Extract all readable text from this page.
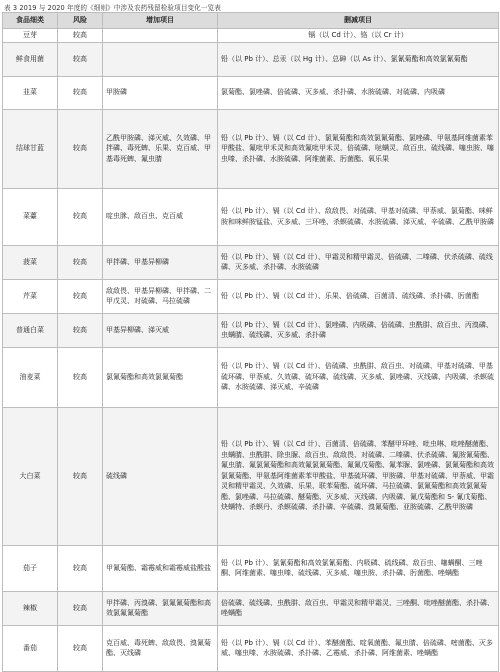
表 3 2019 与 2020 年度的《细则》中涉及农药残留检验项目变化一览表
食品细类	风险	增加项目	删减项目
豆芽	较高		镉（以 Cd 计）、铬（以 Cr 计）
鲜食用菌	较高		铅（以 Pb 计）、总汞（以 Hg 计）、总砷（以 As 计）、氯氰菊酯和高效氯氰菊酯
韭菜	较高	甲胺磷	氯菊酯、氯唑磷、倍硫磷、灭多威、杀扑磷、水胺硫磷、对硫磷、内吸磷
结球甘蓝	较高	乙酰甲胺磷、涕灭威、久效磷、甲拌磷、毒死蜱、乐果、克百威、甲基毒死蜱、氟虫腈	铅（以 Pb 计）、镉（以 Cd 计）、氯氰菊酯和高效氯氰菊酯、氯唑磷、甲氨基阿维菌素苯甲酸盐、氟吡甲禾灵和高效氟吡甲禾灵、倍硫磷、哒螨灵、敌百虫、硫线磷、噻虫胺、噻虫嗪、杀扑磷、水胺硫磷、阿维菌素、肟菌酯、氧乐果
菜薹	较高	啶虫脒、敌百虫、克百威	铅（以 Pb 计）、镉（以 Cd 计）、敌敌畏、对硫磷、甲基对硫磷、甲萘威、氯菊酯、咪鲜胺和咪鲜胺锰盐、灭多威、三环唑、杀螟硫磷、水胺硫磷、涕灭威、辛硫磷、乙酰甲胺磷
菠菜	较高	甲拌磷、甲基异柳磷	铅（以 Pb 计）、镉（以 Cd 计）、甲霜灵和精甲霜灵、倍硫磷、二嗪磷、伏杀硫磷、硫线磷、灭多威、杀扑磷、水胺硫磷
芹菜	较高	敌敌畏、甲基异柳磷、甲拌磷、二甲戊灵、对硫磷、马拉硫磷	铅（以 Pb 计）、镉（以 Cd 计）、乐果、倍硫磷、百菌清、硫线磷、杀扑磷、肟菌酯
普通白菜	较高	甲基异柳磷、涕灭威	铅（以 Pb 计）、镉（以 Cd 计）、氯唑磷、内吸磷、倍硫磷、虫酰肼、敌百虫、丙溴磷、虫螨腈、硫线磷、灭多威、杀扑磷
油麦菜	较高	氯氰菊酯和高效氯氰菊酯	铅（以 Pb 计）、镉（以 Cd 计）、倍硫磷、虫酰肼、敌百虫、对硫磷、甲基对硫磷、甲基硫环磷、甲萘威、久效磷、硫环磷、硫线磷、灭多威、氯唑磷、灭线磷、内吸磷、杀螟硫磷、水胺硫磷、涕灭威、辛硫磷
大白菜	较高	硫线磷	铅（以 Pb 计）、镉（以 Cd 计）、百菌清、倍硫磷、苯醚甲环唑、吡虫啉、吡唑醚菌酯、虫螨腈、虫酰肼、除虫脲、敌百虫、敌敌畏、对硫磷、二嗪磷、伏杀硫磷、氟胺氰菊酯、氟虫腈、氟氯氰菊酯和高效氟氯氰菊酯、氟氰戊菊酯、氟苯脲、氯唑磷、氯氰菊酯和高效氯氰菊酯、甲氨基阿维菌素苯甲酸盐、甲基硫环磷、甲胺磷、甲基对硫磷、甲萘威、甲霜灵和精甲霜灵、久效磷、乐果、联苯菊酯、硫环磷、马拉硫磷、氯氰菊酯和高效氯氰菊酯、氯唑磷、马拉硫磷、醚菊酯、灭多威、灭线磷、内吸磷、氰戊菊酯和 S- 氰戊菊酯、炔螨特、杀螟丹、杀螟硫磷、杀扑磷、辛硫磷、溴氰菊酯、亚胺硫磷、乙酰甲胺磷
茄子	较高	甲氰菊酯、霜霉威和霜霉威盐酸盐	铅（以 Pb 计）、氯氰菊酯和高效氯氰菊酯、内吸磷、硫线磷、敌百虫、噻螨酮、三唑酮、阿维菌素、噻虫嗪、硫线磷、灭多威、噻虫胺、杀扑磷、肟菌酯、唑螨酯
辣椒	较高	甲拌磷、丙溴磷、氯氟氰菊酯和高效氯氟氰菊酯	倍硫磷、硫线磷、虫酰肼、敌百虫、甲霜灵和精甲霜灵、三唑酮、吡唑醚菌酯、杀扑磷、唑螨酯
番茄	较高	克百威、毒死蜱、敌敌畏、溴氰菊酯、灭线磷	铅（以 Pb 计）、镉（以 Cd 计）、苯醚菌酯、啶氧菌酯、氟虫腈、倍硫磷、嘧菌酯、灭多威、噻虫嗪、水胺硫磷、杀扑磷、乙霉威、杀扑磷、阿维菌素、唑螨酯
